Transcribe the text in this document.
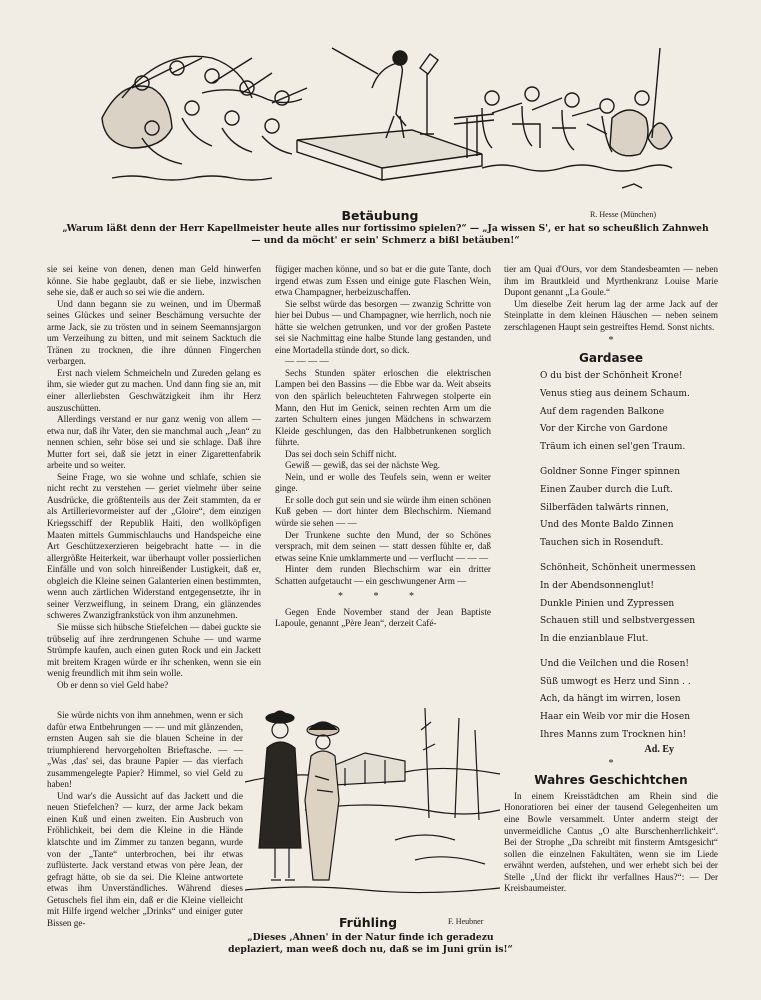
Betäubung	R. Hesse (München)
„Warum läßt denn der Herr Kapellmeister heute alles nur fortissimo spielen?“ — „Ja wissen S', er hat so scheußlich Zahnweh — und da möcht' er sein' Schmerz a bißl betäuben!“

sie sei keine von denen, denen man Geld hinwerfen könne. Sie habe geglaubt, daß er sie liebe, inzwischen sehe sie, daß er auch so sei wie die andern.

Und dann begann sie zu weinen, und im Übermaß seines Glückes und seiner Beschämung versuchte der arme Jack, sie zu trösten und in seinem Seemannsjargon um Verzeihung zu bitten, und mit seinem Sacktuch die Tränen zu trocknen, die ihre dünnen Fingerchen verbargen.

Erst nach vielem Schmeicheln und Zureden gelang es ihm, sie wieder gut zu machen. Und dann fing sie an, mit einer allerliebsten Geschwätzigkeit ihm ihr Herz auszuschütten.

Allerdings verstand er nur ganz wenig von allem — etwa nur, daß ihr Vater, den sie manchmal auch „Jean“ zu nennen schien, sehr böse sei und sie schlage. Daß ihre Mutter fort sei, daß sie jetzt in einer Zigarettenfabrik arbeite und so weiter.

Seine Frage, wo sie wohne und schlafe, schien sie nicht recht zu verstehen — geriet vielmehr über seine Ausdrücke, die größtenteils aus der Zeit stammten, da er als Artillerievormeister auf der „Gloire“, dem einzigen Kriegsschiff der Republik Haiti, den wollköpfigen Maaten mittels Gummischlauchs und Handspeiche eine Art Geschützexerzieren beigebracht hatte — in die allergrößte Heiterkeit, war überhaupt voller possierlichen Einfälle und von solch hinreißender Lustigkeit, daß er, obgleich die Kleine seinen Galanterien einen bestimmten, wenn auch zärtlichen Widerstand entgegensetzte, ihr in seiner Verzweiflung, in seinem Drang, ein glänzendes schweres Zwanzigfrankstück von ihm anzunehmen.

Sie müsse sich hübsche Stiefelchen — dabei guckte sie trübselig auf ihre zerdrungenen Schuhe — und warme Strümpfe kaufen, auch einen guten Rock und ein Jackett mit breitem Kragen würde er ihr schenken, wenn sie ein wenig freundlich mit ihm sein wolle.

Ob er denn so viel Geld habe?

Sie würde nichts von ihm annehmen, wenn er sich dafür etwa Entbehrungen — — und mit glänzenden, ernsten Augen sah sie die blauen Scheine in der triumphierend hervorgeholten Brieftasche. — — „Was ‚das' sei, das braune Papier — das vierfach zusammengelegte Papier? Himmel, so viel Geld zu haben!

Und war's die Aussicht auf das Jackett und die neuen Stiefelchen? — kurz, der arme Jack bekam einen Kuß und einen zweiten. Ein Ausbruch von Fröhlichkeit, bei dem die Kleine in die Hände klatschte und im Zimmer zu tanzen begann, wurde von der „Tante“ unterbrochen, bei ihr etwas zuflüsterte. Jack verstand etwas von père Jean, der gefragt hätte, ob sie da sei. Die Kleine antwortete etwas ihm Unverständliches. Während dieses Getuschels fiel ihm ein, daß er die Kleine vielleicht mit Hilfe irgend welcher „Drinks“ und einiger guter Bissen ge-

fügiger machen könne, und so bat er die gute Tante, doch irgend etwas zum Essen und einige gute Flaschen Wein, etwa Champagner, herbeizuschaffen.

Sie selbst würde das besorgen — zwanzig Schritte von hier bei Dubus — und Champagner, wie herrlich, noch nie hätte sie welchen getrunken, und vor der großen Pastete sei sie Nachmittag eine halbe Stunde lang gestanden, und eine Mortadella stünde dort, so dick.

— — — —

Sechs Stunden später erloschen die elektrischen Lampen bei den Bassins — die Ebbe war da. Weit abseits von den spärlich beleuchteten Fahrwegen stolperte ein Mann, den Hut im Genick, seinen rechten Arm um die zarten Schultern eines jungen Mädchens in schwarzem Kleide geschlungen, das den Halbbetrunkenen sorglich führte.

Das sei doch sein Schiff nicht.

Gewiß — gewiß, das sei der nächste Weg.

Nein, und er wolle des Teufels sein, wenn er weiter ginge.

Er solle doch gut sein und sie würde ihm einen schönen Kuß geben — dort hinter dem Blechschirm. Niemand würde sie sehen — —

Der Trunkene suchte den Mund, der so Schönes versprach, mit dem seinen — statt dessen fühlte er, daß etwas seine Knie umklammerte und — verflucht — — —

Hinter dem runden Blechschirm war ein dritter Schatten aufgetaucht — ein geschwungener Arm —

* * *

Gegen Ende November stand der Jean Baptiste Lapoule, genannt „Père Jean“, derzeit Café-

tier am Quai d'Ours, vor dem Standesbeamten — neben ihm im Brautkleid und Myrthenkranz Louise Marie Dupont genannt „La Goule.“

Um dieselbe Zeit herum lag der arme Jack auf der Steinplatte in dem kleinen Häuschen — neben seinem zerschlagenen Haupt sein gestreiftes Hemd. Sonst nichts.

*
Gardasee
O du bist der Schönheit Krone!
Venus stieg aus deinem Schaum.
Auf dem ragenden Balkone
Vor der Kirche von Gardone
Träum ich einen sel'gen Traum.
Goldner Sonne Finger spinnen
Einen Zauber durch die Luft.
Silberfäden talwärts rinnen,
Und des Monte Baldo Zinnen
Tauchen sich in Rosenduft.
Schönheit, Schönheit unermessen
In der Abendsonnenglut!
Dunkle Pinien und Zypressen
Schauen still und selbstvergessen
In die enzianblaue Flut.
Und die Veilchen und die Rosen!
Süß umwogt es Herz und Sinn . .
Ach, da hängt im wirren, losen
Haar ein Weib vor mir die Hosen
Ihres Manns zum Trocknen hin!
Ad. Ey
*
Wahres Geschichtchen

In einem Kreisstädtchen am Rhein sind die Honoratioren bei einer der tausend Gelegenheiten um eine Bowle versammelt. Unter anderm steigt der unvermeidliche Cantus „O alte Burschenherrlichkeit“. Bei der Strophe „Da schreibt mit finsterm Amtsgesicht“ sollen die einzelnen Fakultäten, wenn sie im Liede erwähnt werden, aufstehen, und wer erhebt sich bei der Stelle „Und der flickt ihr verfallnes Haus?“: — Der Kreisbaumeister.

Frühling	F. Heubner
„Dieses ‚Ahnen' in der Natur finde ich geradezu deplaziert, man weeß doch nu, daß se im Juni grün is!“
